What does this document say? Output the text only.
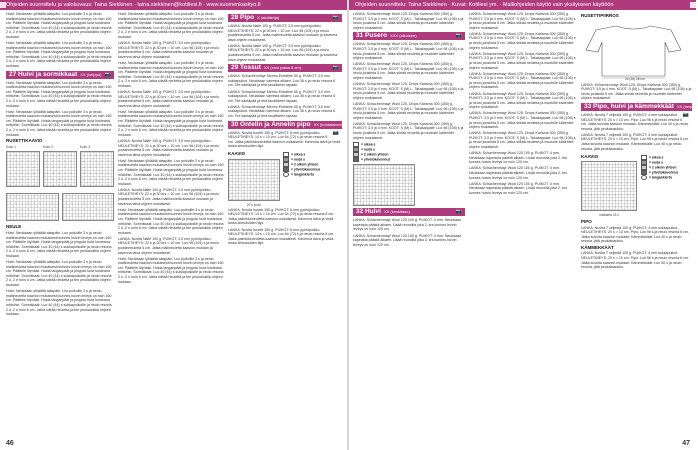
Ohjeiden suunnittelu ja valokuvaus: Taina Siekkinen · taina.siekkinen@kotiliesi.fi · www.suomenkasityo.fi

Huivi: Neulotaan ylhäältä alaspäin. Luo puikoille 3 s ja neulo mallineuletta kaavion mukaisesti kunnes huivin leveys on noin 160 cm. Päättele löyhästi. Hoida langanpäät ja pingota huivi kosteana mittoihin. Sormikkaat: Luo 40 (44) s sukkapuikoille ja neulo resoria 2 o, 2 n noin 6 cm. Jatka sileää neuletta ja tee peukalokiila ohjeen mukaan.

Huivi: Neulotaan ylhäältä alaspäin. Luo puikoille 3 s ja neulo mallineuletta kaavion mukaisesti kunnes huivin leveys on noin 160 cm. Päättele löyhästi. Hoida langanpäät ja pingota huivi kosteana mittoihin. Sormikkaat: Luo 40 (44) s sukkapuikoille ja neulo resoria 2 o, 2 n noin 6 cm. Jatka sileää neuletta ja tee peukalokiila ohjeen mukaan.

27 Huivi ja sormikkaat XX (helppo) 📷

Huivi: Neulotaan ylhäältä alaspäin. Luo puikoille 3 s ja neulo mallineuletta kaavion mukaisesti kunnes huivin leveys on noin 160 cm. Päättele löyhästi. Hoida langanpäät ja pingota huivi kosteana mittoihin. Sormikkaat: Luo 40 (44) s sukkapuikoille ja neulo resoria 2 o, 2 n noin 6 cm. Jatka sileää neuletta ja tee peukalokiila ohjeen mukaan.

Huivi: Neulotaan ylhäältä alaspäin. Luo puikoille 3 s ja neulo mallineuletta kaavion mukaisesti kunnes huivin leveys on noin 160 cm. Päättele löyhästi. Hoida langanpäät ja pingota huivi kosteana mittoihin. Sormikkaat: Luo 40 (44) s sukkapuikoille ja neulo resoria 2 o, 2 n noin 6 cm. Jatka sileää neuletta ja tee peukalokiila ohjeen mukaan.

RUSETTIKAAVIO
Koko 1	Koko 2	Koko 3
NEULE

Huivi: Neulotaan ylhäältä alaspäin. Luo puikoille 3 s ja neulo mallineuletta kaavion mukaisesti kunnes huivin leveys on noin 160 cm. Päättele löyhästi. Hoida langanpäät ja pingota huivi kosteana mittoihin. Sormikkaat: Luo 40 (44) s sukkapuikoille ja neulo resoria 2 o, 2 n noin 6 cm. Jatka sileää neuletta ja tee peukalokiila ohjeen mukaan.

Huivi: Neulotaan ylhäältä alaspäin. Luo puikoille 3 s ja neulo mallineuletta kaavion mukaisesti kunnes huivin leveys on noin 160 cm. Päättele löyhästi. Hoida langanpäät ja pingota huivi kosteana mittoihin. Sormikkaat: Luo 40 (44) s sukkapuikoille ja neulo resoria 2 o, 2 n noin 6 cm. Jatka sileää neuletta ja tee peukalokiila ohjeen mukaan.

Huivi: Neulotaan ylhäältä alaspäin. Luo puikoille 3 s ja neulo mallineuletta kaavion mukaisesti kunnes huivin leveys on noin 160 cm. Päättele löyhästi. Hoida langanpäät ja pingota huivi kosteana mittoihin. Sormikkaat: Luo 40 (44) s sukkapuikoille ja neulo resoria 2 o, 2 n noin 6 cm. Jatka sileää neuletta ja tee peukalokiila ohjeen mukaan.

Huivi: Neulotaan ylhäältä alaspäin. Luo puikoille 3 s ja neulo mallineuletta kaavion mukaisesti kunnes huivin leveys on noin 160 cm. Päättele löyhästi. Hoida langanpäät ja pingota huivi kosteana mittoihin. Sormikkaat: Luo 40 (44) s sukkapuikoille ja neulo resoria 2 o, 2 n noin 6 cm. Jatka sileää neuletta ja tee peukalokiila ohjeen mukaan.

LANKA: Novita Nalle 100 g. PUIKOT: 3,5 mm pyöröpuikko. NEULETIHEYS: 22 s ja 30 krs = 10 cm. Luo 96 (104) s ja neulo joustinneuletta 5 cm. Jatka mallineuletta kaavion mukaan ja kavenna latva ohjeen mukaisesti.

Huivi: Neulotaan ylhäältä alaspäin. Luo puikoille 3 s ja neulo mallineuletta kaavion mukaisesti kunnes huivin leveys on noin 160 cm. Päättele löyhästi. Hoida langanpäät ja pingota huivi kosteana mittoihin. Sormikkaat: Luo 40 (44) s sukkapuikoille ja neulo resoria 2 o, 2 n noin 6 cm. Jatka sileää neuletta ja tee peukalokiila ohjeen mukaan.

LANKA: Novita Nalle 100 g. PUIKOT: 3,5 mm pyöröpuikko. NEULETIHEYS: 22 s ja 30 krs = 10 cm. Luo 96 (104) s ja neulo joustinneuletta 5 cm. Jatka mallineuletta kaavion mukaan ja kavenna latva ohjeen mukaisesti.

Huivi: Neulotaan ylhäältä alaspäin. Luo puikoille 3 s ja neulo mallineuletta kaavion mukaisesti kunnes huivin leveys on noin 160 cm. Päättele löyhästi. Hoida langanpäät ja pingota huivi kosteana mittoihin. Sormikkaat: Luo 40 (44) s sukkapuikoille ja neulo resoria 2 o, 2 n noin 6 cm. Jatka sileää neuletta ja tee peukalokiila ohjeen mukaan.

LANKA: Novita Nalle 100 g. PUIKOT: 3,5 mm pyöröpuikko. NEULETIHEYS: 22 s ja 30 krs = 10 cm. Luo 96 (104) s ja neulo joustinneuletta 5 cm. Jatka mallineuletta kaavion mukaan ja kavenna latva ohjeen mukaisesti.

Huivi: Neulotaan ylhäältä alaspäin. Luo puikoille 3 s ja neulo mallineuletta kaavion mukaisesti kunnes huivin leveys on noin 160 cm. Päättele löyhästi. Hoida langanpäät ja pingota huivi kosteana mittoihin. Sormikkaat: Luo 40 (44) s sukkapuikoille ja neulo resoria 2 o, 2 n noin 6 cm. Jatka sileää neuletta ja tee peukalokiila ohjeen mukaan.

LANKA: Novita Nalle 100 g. PUIKOT: 3,5 mm pyöröpuikko. NEULETIHEYS: 22 s ja 30 krs = 10 cm. Luo 96 (104) s ja neulo joustinneuletta 5 cm. Jatka mallineuletta kaavion mukaan ja kavenna latva ohjeen mukaisesti.

Huivi: Neulotaan ylhäältä alaspäin. Luo puikoille 3 s ja neulo mallineuletta kaavion mukaisesti kunnes huivin leveys on noin 160 cm. Päättele löyhästi. Hoida langanpäät ja pingota huivi kosteana mittoihin. Sormikkaat: Luo 40 (44) s sukkapuikoille ja neulo resoria 2 o, 2 n noin 6 cm. Jatka sileää neuletta ja tee peukalokiila ohjeen mukaan.

LANKA: Novita Nalle 100 g. PUIKOT: 3,5 mm pyöröpuikko. NEULETIHEYS: 22 s ja 30 krs = 10 cm. Luo 96 (104) s ja neulo joustinneuletta 5 cm. Jatka mallineuletta kaavion mukaan ja kavenna latva ohjeen mukaisesti.

Huivi: Neulotaan ylhäältä alaspäin. Luo puikoille 3 s ja neulo mallineuletta kaavion mukaisesti kunnes huivin leveys on noin 160 cm. Päättele löyhästi. Hoida langanpäät ja pingota huivi kosteana mittoihin. Sormikkaat: Luo 40 (44) s sukkapuikoille ja neulo resoria 2 o, 2 n noin 6 cm. Jatka sileää neuletta ja tee peukalokiila ohjeen mukaan.

28 Pipo X (aloittelija)	📷

LANKA: Novita Nalle 100 g. PUIKOT: 3,5 mm pyöröpuikko. NEULETIHEYS: 22 s ja 30 krs = 10 cm. Luo 96 (104) s ja neulo joustinneuletta 5 cm. Jatka mallineuletta kaavion mukaan ja kavenna latva ohjeen mukaisesti.

LANKA: Novita Nalle 100 g. PUIKOT: 3,5 mm pyöröpuikko. NEULETIHEYS: 22 s ja 30 krs = 10 cm. Luo 96 (104) s ja neulo joustinneuletta 5 cm. Jatka mallineuletta kaavion mukaan ja kavenna latva ohjeen mukaisesti.

29 Tossut XX (ensi palaa 8 cm)	📷

LANKA: Schachenmayr Merino Extrafine 50 g. PUIKOT: 3,5 mm sukkapuikot. Neulotaan varresta alkaen. Luo 36 s ja neulo resoria 6 cm. Tee kantapää ja terä tavalliseen tapaan.

LANKA: Schachenmayr Merino Extrafine 50 g. PUIKOT: 3,5 mm sukkapuikot. Neulotaan varresta alkaen. Luo 36 s ja neulo resoria 6 cm. Tee kantapää ja terä tavalliseen tapaan.

LANKA: Schachenmayr Merino Extrafine 50 g. PUIKOT: 3,5 mm sukkapuikot. Neulotaan varresta alkaen. Luo 36 s ja neulo resoria 6 cm. Tee kantapää ja terä tavalliseen tapaan.

30 Ontelin ja Annelin pipo XX (kohtalainen)
📷

LANKA: Novita Isoveli 150 g. PUIKOT: 6 mm pyöröpuikko. NEULETIHEYS: 14 s = 10 cm. Luo 64 (72) s ja neulo resoria 8 cm. Jatka palmikkoneuletta kaavion mukaisesti. Kavenna latva ja vedä lanka silmukoiden läpi.

KAAVIO
20 s kuvio
= oikea s
= nurja s
= 2 oikein yhteen
= ylivetokavennus
= langankierto

LANKA: Novita Isoveli 150 g. PUIKOT: 6 mm pyöröpuikko. NEULETIHEYS: 14 s = 10 cm. Luo 64 (72) s ja neulo resoria 8 cm. Jatka palmikkoneuletta kaavion mukaisesti. Kavenna latva ja vedä lanka silmukoiden läpi.

LANKA: Novita Isoveli 150 g. PUIKOT: 6 mm pyöröpuikko. NEULETIHEYS: 14 s = 10 cm. Luo 64 (72) s ja neulo resoria 8 cm. Jatka palmikkoneuletta kaavion mukaisesti. Kavenna latva ja vedä lanka silmukoiden läpi.

46
Ohjeiden suunnittelu: Taina Siekkinen · Kuvat: Kotiliesi ym. · Malliohjeiden käyttö vain yksityiseen käyttöön

LANKA: Schachenmayr Wool 125, Drops Karisma 300 (350) g. PUIKOT: 3,5 ja 4 mm. KOOT: S (M) L. Takakappale: Luo 98 (106) s ja neulo joustinta 5 cm. Jatka sileää neuletta ja muotoile kädentiet ohjeen mukaisesti.

31 Pusero XXX (aikuisen)	📷

LANKA: Schachenmayr Wool 125, Drops Karisma 300 (350) g. PUIKOT: 3,5 ja 4 mm. KOOT: S (M) L. Takakappale: Luo 98 (106) s ja neulo joustinta 5 cm. Jatka sileää neuletta ja muotoile kädentiet ohjeen mukaisesti.

LANKA: Schachenmayr Wool 125, Drops Karisma 300 (350) g. PUIKOT: 3,5 ja 4 mm. KOOT: S (M) L. Takakappale: Luo 98 (106) s ja neulo joustinta 5 cm. Jatka sileää neuletta ja muotoile kädentiet ohjeen mukaisesti.

LANKA: Schachenmayr Wool 125, Drops Karisma 300 (350) g. PUIKOT: 3,5 ja 4 mm. KOOT: S (M) L. Takakappale: Luo 98 (106) s ja neulo joustinta 5 cm. Jatka sileää neuletta ja muotoile kädentiet ohjeen mukaisesti.

LANKA: Schachenmayr Wool 125, Drops Karisma 300 (350) g. PUIKOT: 3,5 ja 4 mm. KOOT: S (M) L. Takakappale: Luo 98 (106) s ja neulo joustinta 5 cm. Jatka sileää neuletta ja muotoile kädentiet ohjeen mukaisesti.

LANKA: Schachenmayr Wool 125, Drops Karisma 300 (350) g. PUIKOT: 3,5 ja 4 mm. KOOT: S (M) L. Takakappale: Luo 98 (106) s ja neulo joustinta 5 cm. Jatka sileää neuletta ja muotoile kädentiet ohjeen mukaisesti.

= oikea s
= nurja s
= 2 oikein yhteen
= ylivetokavennus
32 Huivi XX (keskitaso)	📷

LANKA: Schachenmayr Wool 125 100 g. PUIKOT: 4 mm. Neulotaan kapeasta päästä alkaen. Lisää reunoilla joka 2. krs kunnes huivin leveys on noin 120 cm.

LANKA: Schachenmayr Wool 125 100 g. PUIKOT: 4 mm. Neulotaan kapeasta päästä alkaen. Lisää reunoilla joka 2. krs kunnes huivin leveys on noin 120 cm.

LANKA: Schachenmayr Wool 125, Drops Karisma 300 (350) g. PUIKOT: 3,5 ja 4 mm. KOOT: S (M) L. Takakappale: Luo 98 (106) s ja neulo joustinta 5 cm. Jatka sileää neuletta ja muotoile kädentiet ohjeen mukaisesti.

LANKA: Schachenmayr Wool 125, Drops Karisma 300 (350) g. PUIKOT: 3,5 ja 4 mm. KOOT: S (M) L. Takakappale: Luo 98 (106) s ja neulo joustinta 5 cm. Jatka sileää neuletta ja muotoile kädentiet ohjeen mukaisesti.

LANKA: Schachenmayr Wool 125, Drops Karisma 300 (350) g. PUIKOT: 3,5 ja 4 mm. KOOT: S (M) L. Takakappale: Luo 98 (106) s ja neulo joustinta 5 cm. Jatka sileää neuletta ja muotoile kädentiet ohjeen mukaisesti.

LANKA: Schachenmayr Wool 125, Drops Karisma 300 (350) g. PUIKOT: 3,5 ja 4 mm. KOOT: S (M) L. Takakappale: Luo 98 (106) s ja neulo joustinta 5 cm. Jatka sileää neuletta ja muotoile kädentiet ohjeen mukaisesti.

LANKA: Schachenmayr Wool 125, Drops Karisma 300 (350) g. PUIKOT: 3,5 ja 4 mm. KOOT: S (M) L. Takakappale: Luo 98 (106) s ja neulo joustinta 5 cm. Jatka sileää neuletta ja muotoile kädentiet ohjeen mukaisesti.

LANKA: Schachenmayr Wool 125, Drops Karisma 300 (350) g. PUIKOT: 3,5 ja 4 mm. KOOT: S (M) L. Takakappale: Luo 98 (106) s ja neulo joustinta 5 cm. Jatka sileää neuletta ja muotoile kädentiet ohjeen mukaisesti.

LANKA: Schachenmayr Wool 125, Drops Karisma 300 (350) g. PUIKOT: 3,5 ja 4 mm. KOOT: S (M) L. Takakappale: Luo 98 (106) s ja neulo joustinta 5 cm. Jatka sileää neuletta ja muotoile kädentiet ohjeen mukaisesti.

LANKA: Schachenmayr Wool 125 100 g. PUIKOT: 4 mm. Neulotaan kapeasta päästä alkaen. Lisää reunoilla joka 2. krs kunnes huivin leveys on noin 120 cm.

LANKA: Schachenmayr Wool 125 100 g. PUIKOT: 4 mm. Neulotaan kapeasta päästä alkaen. Lisää reunoilla joka 2. krs kunnes huivin leveys on noin 120 cm.

LANKA: Schachenmayr Wool 125 100 g. PUIKOT: 4 mm. Neulotaan kapeasta päästä alkaen. Lisää reunoilla joka 2. krs kunnes huivin leveys on noin 120 cm.

RUSETTIPIIRROS
24 (26) 28 cm

LANKA: Schachenmayr Wool 125, Drops Karisma 300 (350) g. PUIKOT: 3,5 ja 4 mm. KOOT: S (M) L. Takakappale: Luo 98 (106) s ja neulo joustinta 5 cm. Jatka sileää neuletta ja muotoile kädentiet ohjeen mukaisesti.

33 Pipo, huivi ja kämmekkäät XX (helppo)
📷

LANKA: Novita 7 veljestä 100 g. PUIKOT: 4 mm sukkapuikot. NEULETIHEYS: 20 s = 10 cm. Pipo: Luo 96 s ja neulo resoria 6 cm. Jatka kuviota kaavion mukaan. Kämmekkäät: Luo 40 s ja neulo resoria, jätä peukaloaukko.

LANKA: Novita 7 veljestä 100 g. PUIKOT: 4 mm sukkapuikot. NEULETIHEYS: 20 s = 10 cm. Pipo: Luo 96 s ja neulo resoria 6 cm. Jatka kuviota kaavion mukaan. Kämmekkäät: Luo 40 s ja neulo resoria, jätä peukaloaukko.

KAAVIO
malliaeta 16 s
= oikea s
= nurja s
= 2 oikein yhteen
= ylivetokavennus
= langankierto
PIPO

LANKA: Novita 7 veljestä 100 g. PUIKOT: 4 mm sukkapuikot. NEULETIHEYS: 20 s = 10 cm. Pipo: Luo 96 s ja neulo resoria 6 cm. Jatka kuviota kaavion mukaan. Kämmekkäät: Luo 40 s ja neulo resoria, jätä peukaloaukko.

KÄMMEKKÄÄT

LANKA: Novita 7 veljestä 100 g. PUIKOT: 4 mm sukkapuikot. NEULETIHEYS: 20 s = 10 cm. Pipo: Luo 96 s ja neulo resoria 6 cm. Jatka kuviota kaavion mukaan. Kämmekkäät: Luo 40 s ja neulo resoria, jätä peukaloaukko.

47
